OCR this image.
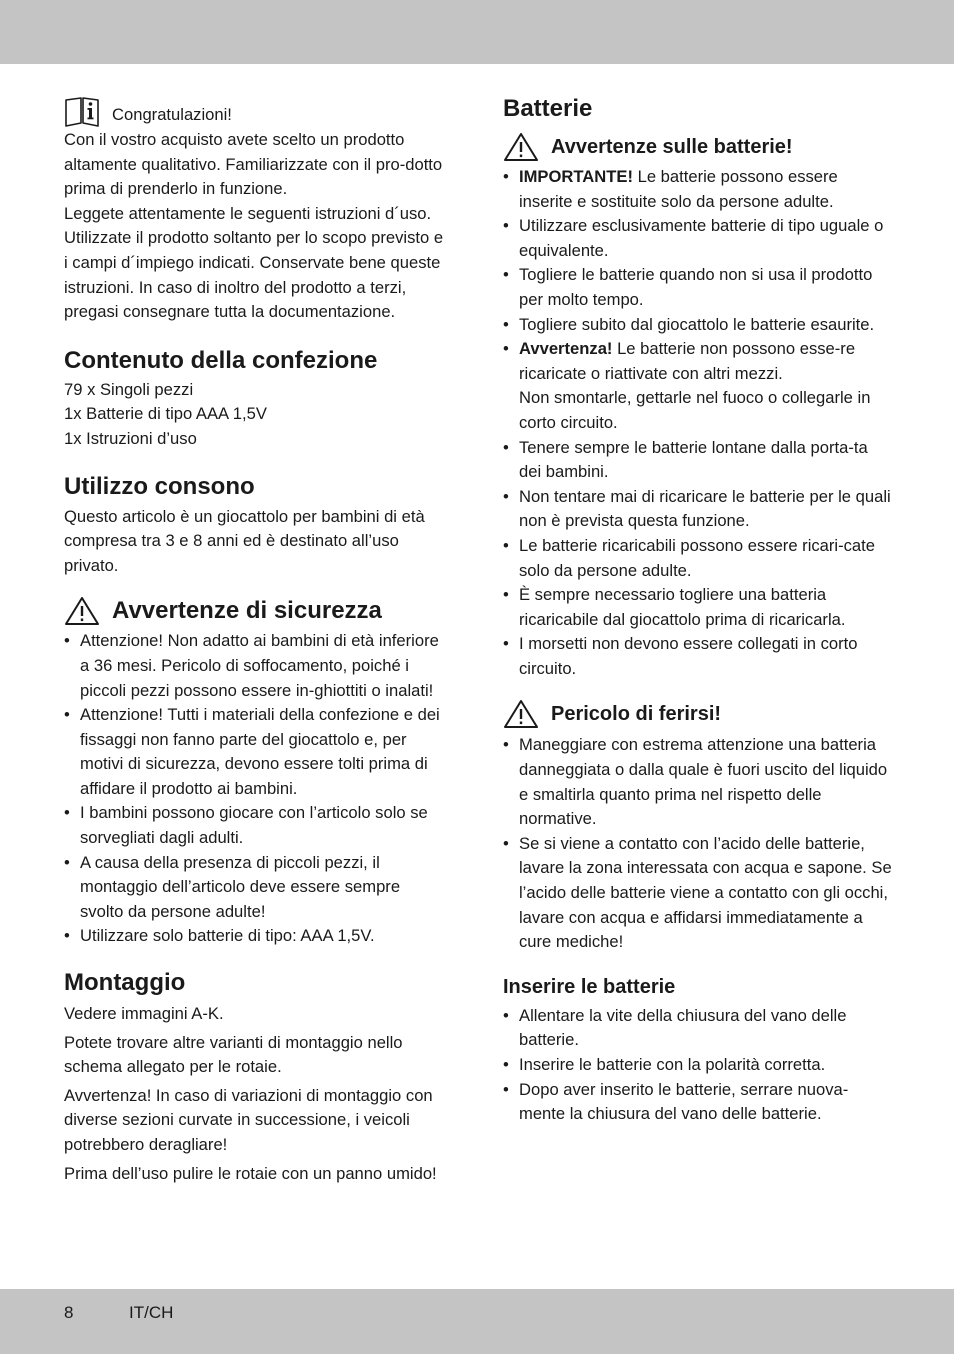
Congratulazioni!

Con il vostro acquisto avete scelto un prodotto altamente qualitativo. Familiarizzate con il pro-dotto prima di prenderlo in funzione.

Leggete attentamente le seguenti istruzioni d´uso. Utilizzate il prodotto soltanto per lo scopo previsto e i campi d´impiego indicati. Conservate bene queste istruzioni. In caso di inoltro del prodotto a terzi, pregasi consegnare tutta la documentazione.

Contenuto della confezione

79 x Singoli pezzi

1x Batterie di tipo AAA 1,5V

1x Istruzioni d’uso

Utilizzo consono

Questo articolo è un giocattolo per bambini di età compresa tra 3 e 8 anni ed è destinato all’uso privato.

Avvertenze di sicurezza
• Attenzione! Non adatto ai bambini di età inferiore a 36 mesi. Pericolo di soffocamento, poiché i piccoli pezzi possono essere in-ghiottiti o inalati!
• Attenzione! Tutti i materiali della confezione e dei fissaggi non fanno parte del giocattolo e, per motivi di sicurezza, devono essere tolti prima di affidare il prodotto ai bambini.
• I bambini possono giocare con l’articolo solo se sorvegliati dagli adulti.
• A causa della presenza di piccoli pezzi, il montaggio dell’articolo deve essere sempre svolto da persone adulte!
• Utilizzare solo batterie di tipo: AAA 1,5V.
Montaggio

Vedere immagini A-K.

Potete trovare altre varianti di montaggio nello schema allegato per le rotaie.

Avvertenza! In caso di variazioni di montaggio con diverse sezioni curvate in successione, i veicoli potrebbero deragliare!

Prima dell’uso pulire le rotaie con un panno umido!

Batterie
Avvertenze sulle batterie!
• IMPORTANTE! Le batterie possono essere inserite e sostituite solo da persone adulte.
• Utilizzare esclusivamente batterie di tipo uguale o equivalente.
• Togliere le batterie quando non si usa il prodotto per molto tempo.
• Togliere subito dal giocattolo le batterie esaurite.
• Avvertenza! Le batterie non possono esse-re ricaricate o riattivate con altri mezzi.
Non smontarle, gettarle nel fuoco o collegarle in corto circuito.
• Tenere sempre le batterie lontane dalla porta-ta dei bambini.
• Non tentare mai di ricaricare le batterie per le quali non è prevista questa funzione.
• Le batterie ricaricabili possono essere ricari-cate solo da persone adulte.
• È sempre necessario togliere una batteria ricaricabile dal giocattolo prima di ricaricarla.
• I morsetti non devono essere collegati in corto circuito.
Pericolo di ferirsi!
• Maneggiare con estrema attenzione una batteria danneggiata o dalla quale è fuori uscito del liquido e smaltirla quanto prima nel rispetto delle normative.
• Se si viene a contatto con l’acido delle batterie, lavare la zona interessata con acqua e sapone. Se l’acido delle batterie viene a contatto con gli occhi, lavare con acqua e affidarsi immediatamente a cure mediche!
Inserire le batterie
• Allentare la vite della chiusura del vano delle batterie.
• Inserire le batterie con la polarità corretta.
• Dopo aver inserito le batterie, serrare nuova-mente la chiusura del vano delle batterie.
8	IT/CH
